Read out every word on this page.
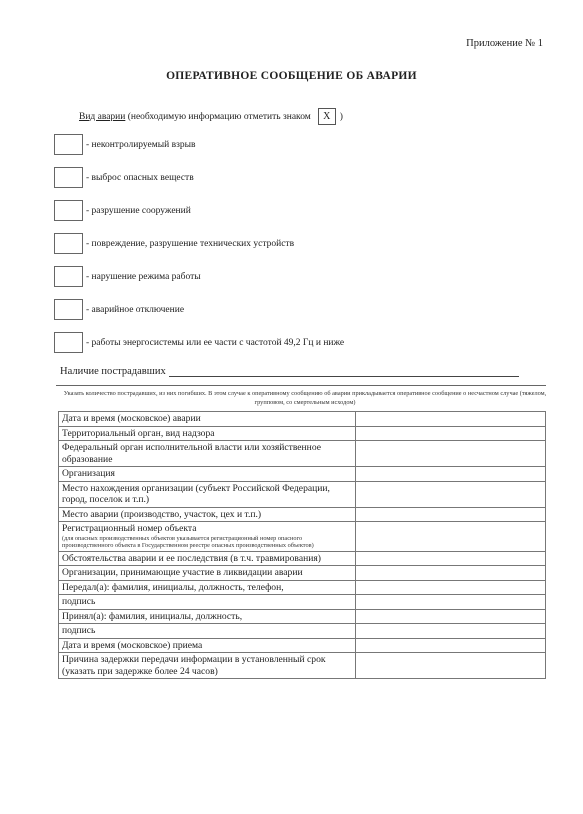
Приложение № 1
ОПЕРАТИВНОЕ СООБЩЕНИЕ ОБ АВАРИИ
Вид аварии
(необходимую информацию отметить знаком	Х )
- неконтролируемый взрыв
- выброс опасных веществ
- разрушение сооружений
- повреждение, разрушение технических устройств
- нарушение режима работы
- аварийное отключение
- работы энергосистемы или ее части с частотой 49,2 Гц и ниже
Наличие пострадавших
Указать количество пострадавших, из них погибших. В этом случае к оперативному сообщению об аварии прикладывается оперативное сообщение о несчастном случае (тяжелом, групповом, со смертельным исходом)
Дата и время (московское) аварии	
Территориальный орган, вид надзора	
Федеральный орган исполнительной власти или хозяйственное образование	
Организация	
Место нахождения организации (субъект Российской Федерации, город, поселок и т.п.)	
Место аварии (производство, участок, цех и т.п.)	
Регистрационный номер объекта
(для опасных производственных объектов указывается регистрационный номер опасного производственного объекта в Государственном реестре опасных производственных объектов)	

Обстоятельства аварии и ее последствия (в т.ч. травмирования)	
Организации, принимающие участие в ликвидации аварии	
Передал(а): фамилия, инициалы, должность, телефон,	
подпись	
Принял(а): фамилия, инициалы, должность,	
подпись	
Дата и время (московское) приема	
Причина задержки передачи информации в установленный срок (указать при задержке более 24 часов)	
